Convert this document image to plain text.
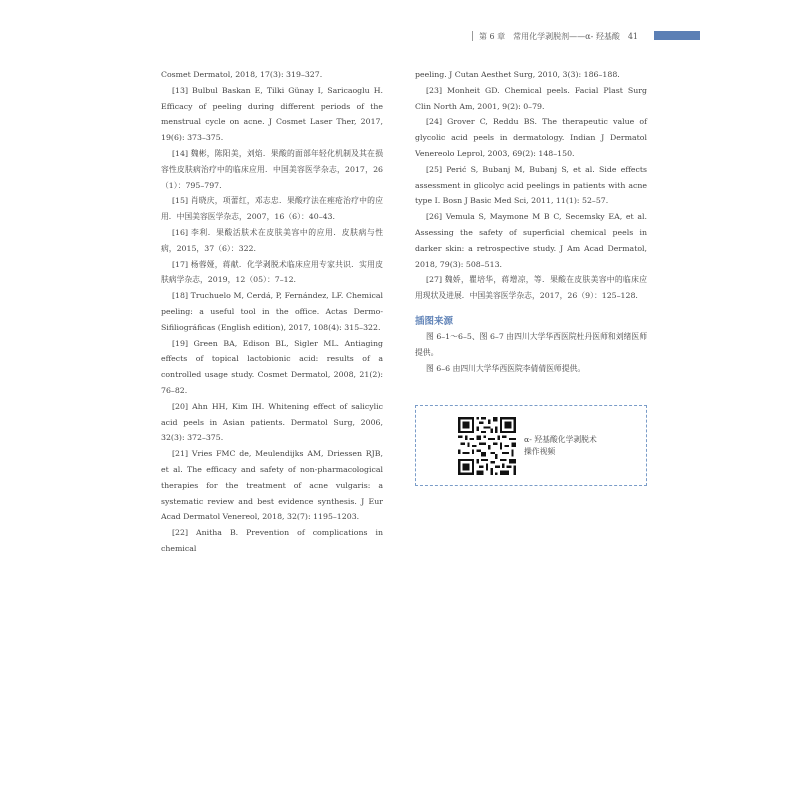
第 6 章　常用化学剥脱剂——α- 羟基酸 41

Cosmet Dermatol, 2018, 17(3): 319–327.

[13] Bulbul Baskan E, Tilki Günay I, Saricaoglu H. Efficacy of peeling during different periods of the menstrual cycle on acne. J Cosmet Laser Ther, 2017, 19(6): 373–375.

[14] 魏彬，陈阳美，刘焰．果酸的面部年轻化机制及其在损容性皮肤病治疗中的临床应用．中国美容医学杂志，2017，26（1）：795–797.

[15] 肖晓庆，项蕾红，邓志忠．果酸疗法在痤疮治疗中的应用．中国美容医学杂志，2007，16（6）：40–43.

[16] 李利．果酸活肤术在皮肤美容中的应用．皮肤病与性病，2015，37（6）：322.

[17] 杨蓉娅，蒋献．化学剥脱术临床应用专家共识．实用皮肤病学杂志，2019，12（05）：7–12.

[18] Truchuelo M, Cerdá, P, Fernández, LF. Chemical peeling: a useful tool in the office. Actas Dermo-Sifiliográficas (English edition), 2017, 108(4): 315–322.

[19] Green BA, Edison BL, Sigler ML. Antiaging effects of topical lactobionic acid: results of a controlled usage study. Cosmet Dermatol, 2008, 21(2): 76–82.

[20] Ahn HH, Kim IH. Whitening effect of salicylic acid peels in Asian patients. Dermatol Surg, 2006, 32(3): 372–375.

[21] Vries FMC de, Meulendijks AM, Driessen RJB, et al. The efficacy and safety of non-pharmacological therapies for the treatment of acne vulgaris: a systematic review and best evidence synthesis. J Eur Acad Dermatol Venereol, 2018, 32(7): 1195–1203.

[22] Anitha B. Prevention of complications in chemical

peeling. J Cutan Aesthet Surg, 2010, 3(3): 186–188.

[23] Monheit GD. Chemical peels. Facial Plast Surg Clin North Am, 2001, 9(2): 0–79.

[24] Grover C, Reddu BS. The therapeutic value of glycolic acid peels in dermatology. Indian J Dermatol Venereolo Leprol, 2003, 69(2): 148–150.

[25] Perić S, Bubanj M, Bubanj S, et al. Side effects assessment in glicolyc acid peelings in patients with acne type I. Bosn J Basic Med Sci, 2011, 11(1): 52–57.

[26] Vemula S, Maymone M B C, Secemsky EA, et al. Assessing the safety of superficial chemical peels in darker skin: a retrospective study. J Am Acad Dermatol, 2018, 79(3): 508–513.

[27] 魏娇，瞿培华，蒋增凉，等．果酸在皮肤美容中的临床应用现状及进展．中国美容医学杂志，2017，26（9）：125–128.

插图来源

图 6–1～6–5、图 6–7 由四川大学华西医院杜丹医师和刘绪医师提供。

图 6–6 由四川大学华西医院李倩倩医师提供。

α- 羟基酸化学剥脱术
操作视频
